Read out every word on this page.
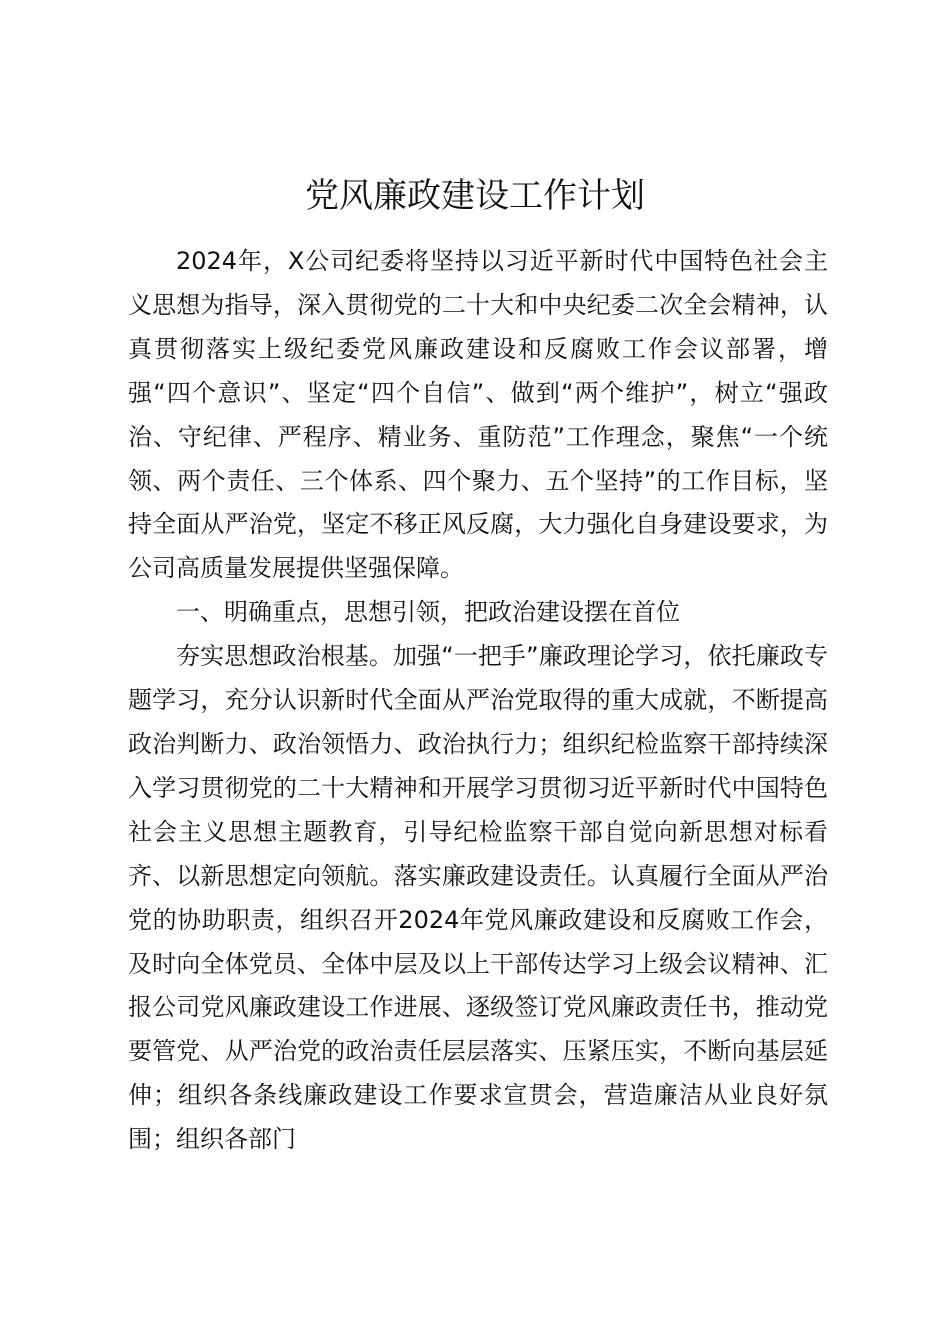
党风廉政建设工作计划

2024年，X公司纪委将坚持以习近平新时代中国特色社会主义思想为指导，深入贯彻党的二十大和中央纪委二次全会精神，认真贯彻落实上级纪委党风廉政建设和反腐败工作会议部署，增强“四个意识”、坚定“四个自信”、做到“两个维护”，树立“强政治、守纪律、严程序、精业务、重防范”工作理念，聚焦“一个统领、两个责任、三个体系、四个聚力、五个坚持”的工作目标，坚持全面从严治党，坚定不移正风反腐，大力强化自身建设要求，为公司高质量发展提供坚强保障。

一、明确重点，思想引领，把政治建设摆在首位

夯实思想政治根基。加强“一把手”廉政理论学习，依托廉政专题学习，充分认识新时代全面从严治党取得的重大成就，不断提高政治判断力、政治领悟力、政治执行力；组织纪检监察干部持续深入学习贯彻党的二十大精神和开展学习贯彻习近平新时代中国特色社会主义思想主题教育，引导纪检监察干部自觉向新思想对标看齐、以新思想定向领航。落实廉政建设责任。认真履行全面从严治党的协助职责，组织召开2024年党风廉政建设和反腐败工作会，及时向全体党员、全体中层及以上干部传达学习上级会议精神、汇报公司党风廉政建设工作进展、逐级签订党风廉政责任书，推动党要管党、从严治党的政治责任层层落实、压紧压实，不断向基层延伸；组织各条线廉政建设工作要求宣贯会，营造廉洁从业良好氛围；组织各部门
